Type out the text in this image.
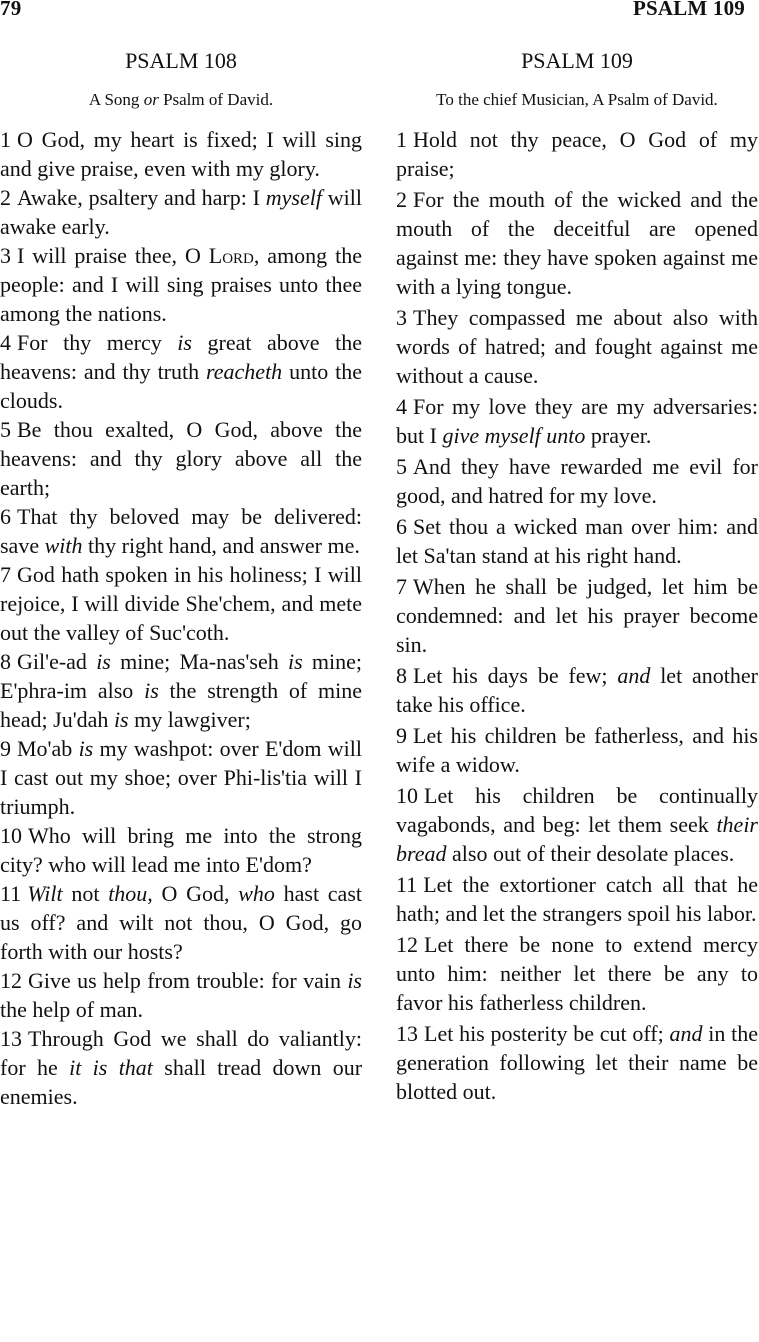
79	PSALM 109
PSALM 108
A Song or Psalm of David.
1 O God, my heart is fixed; I will sing and give praise, even with my glory.
2 Awake, psaltery and harp: I myself will awake early.
3 I will praise thee, O Lord, among the people: and I will sing praises unto thee among the nations.
4 For thy mercy is great above the heavens: and thy truth reacheth unto the clouds.
5 Be thou exalted, O God, above the heavens: and thy glory above all the earth;
6 That thy beloved may be delivered: save with thy right hand, and answer me.
7 God hath spoken in his holiness; I will rejoice, I will divide She'chem, and mete out the valley of Suc'coth.
8 Gil'e-ad is mine; Ma-nas'seh is mine; E'phra-im also is the strength of mine head; Ju'dah is my lawgiver;
9 Mo'ab is my washpot: over E'dom will I cast out my shoe; over Phi-lis'tia will I triumph.
10 Who will bring me into the strong city? who will lead me into E'dom?
11 Wilt not thou, O God, who hast cast us off? and wilt not thou, O God, go forth with our hosts?
12 Give us help from trouble: for vain is the help of man.
13 Through God we shall do valiantly: for he it is that shall tread down our enemies.
PSALM 109
To the chief Musician, A Psalm of David.
1 Hold not thy peace, O God of my praise;
2 For the mouth of the wicked and the mouth of the deceitful are opened against me: they have spoken against me with a lying tongue.
3 They compassed me about also with words of hatred; and fought against me without a cause.
4 For my love they are my adversaries: but I give myself unto prayer.
5 And they have rewarded me evil for good, and hatred for my love.
6 Set thou a wicked man over him: and let Sa'tan stand at his right hand.
7 When he shall be judged, let him be condemned: and let his prayer become sin.
8 Let his days be few; and let another take his office.
9 Let his children be fatherless, and his wife a widow.
10 Let his children be continually vagabonds, and beg: let them seek their bread also out of their desolate places.
11 Let the extortioner catch all that he hath; and let the strangers spoil his labor.
12 Let there be none to extend mercy unto him: neither let there be any to favor his fatherless children.
13 Let his posterity be cut off; and in the generation following let their name be blotted out.
